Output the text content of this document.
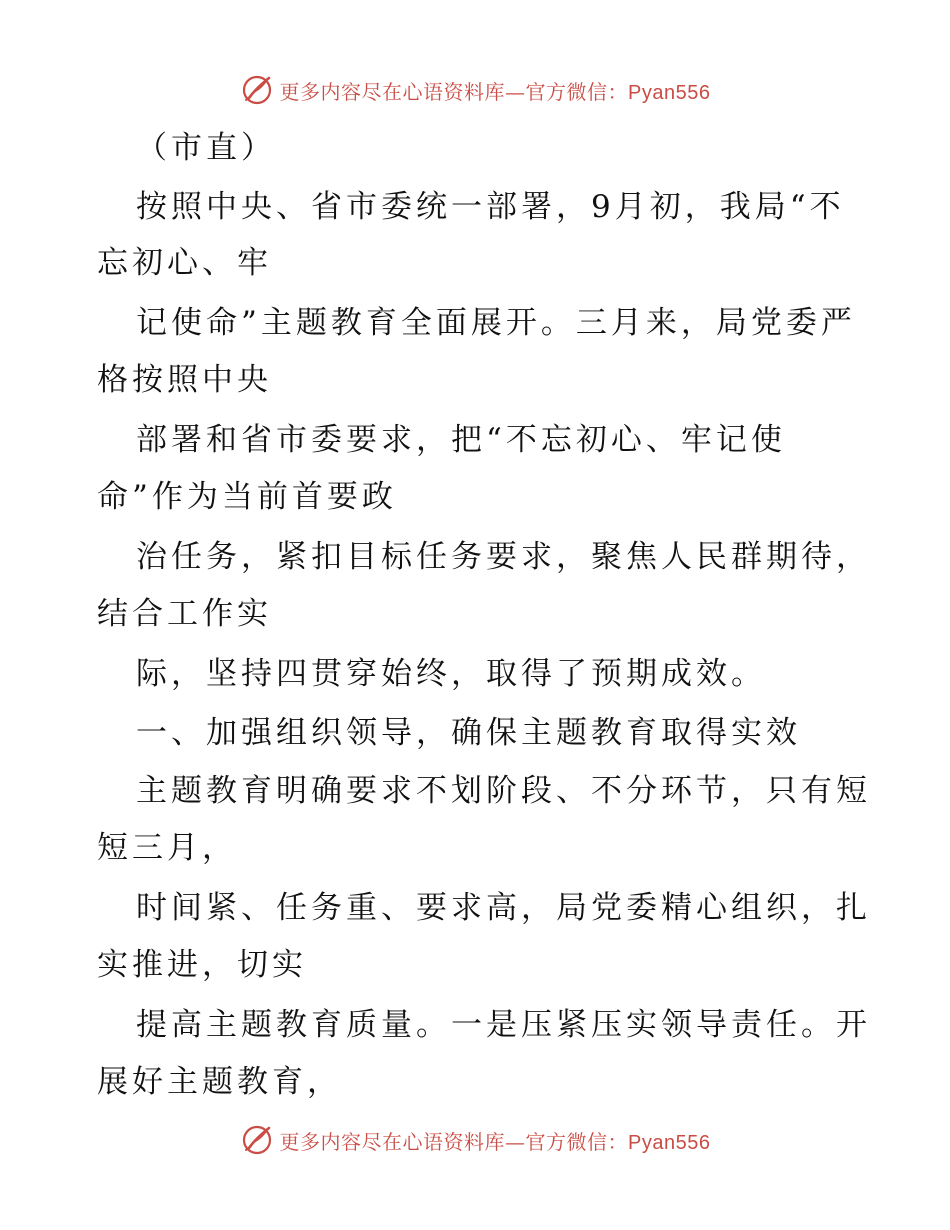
更多内容尽在心语资料库—官方微信：Pyan556
（市直）
按照中央、省市委统一部署，9月初，我局“不
忘初心、牢
记使命”主题教育全面展开。三月来，局党委严
格按照中央
部署和省市委要求，把“不忘初心、牢记使
命”作为当前首要政
治任务，紧扣目标任务要求，聚焦人民群期待，
结合工作实
际，坚持四贯穿始终，取得了预期成效。
一、加强组织领导，确保主题教育取得实效
主题教育明确要求不划阶段、不分环节，只有短
短三月，
时间紧、任务重、要求高，局党委精心组织，扎
实推进，切实
提高主题教育质量。一是压紧压实领导责任。开
展好主题教育，
更多内容尽在心语资料库—官方微信：Pyan556
